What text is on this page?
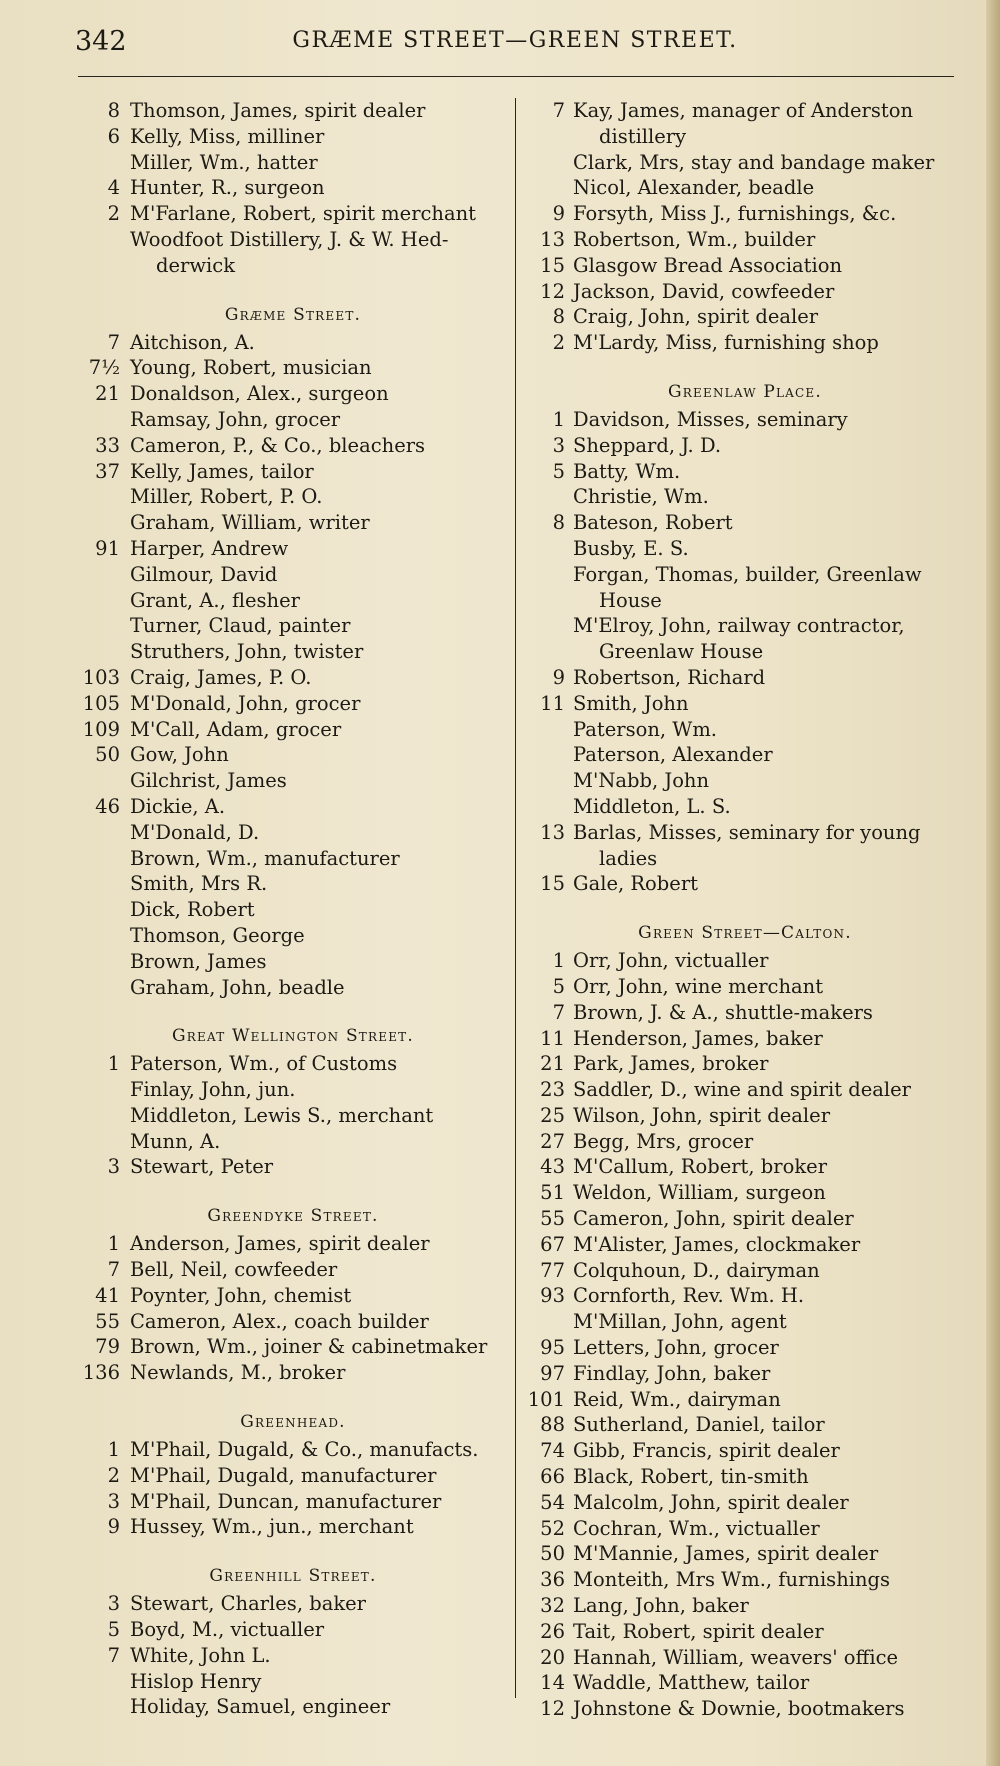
342	GRÆME STREET—GREEN STREET.
8 Thomson, James, spirit dealer
6 Kelly, Miss, milliner
Miller, Wm., hatter
4 Hunter, R., surgeon
2 M'Farlane, Robert, spirit merchant
Woodfoot Distillery, J. & W. Hed-
derwick
Græme Street.
7 Aitchison, A.
7½ Young, Robert, musician
21 Donaldson, Alex., surgeon
Ramsay, John, grocer
33 Cameron, P., & Co., bleachers
37 Kelly, James, tailor
Miller, Robert, P. O.
Graham, William, writer
91 Harper, Andrew
Gilmour, David
Grant, A., flesher
Turner, Claud, painter
Struthers, John, twister
103 Craig, James, P. O.
105 M'Donald, John, grocer
109 M'Call, Adam, grocer
50 Gow, John
Gilchrist, James
46 Dickie, A.
M'Donald, D.
Brown, Wm., manufacturer
Smith, Mrs R.
Dick, Robert
Thomson, George
Brown, James
Graham, John, beadle
Great Wellington Street.
1 Paterson, Wm., of Customs
Finlay, John, jun.
Middleton, Lewis S., merchant
Munn, A.
3 Stewart, Peter
Greendyke Street.
1 Anderson, James, spirit dealer
7 Bell, Neil, cowfeeder
41 Poynter, John, chemist
55 Cameron, Alex., coach builder
79 Brown, Wm., joiner & cabinetmaker
136 Newlands, M., broker
Greenhead.
1 M'Phail, Dugald, & Co., manufacts.
2 M'Phail, Dugald, manufacturer
3 M'Phail, Duncan, manufacturer
9 Hussey, Wm., jun., merchant
Greenhill Street.
3 Stewart, Charles, baker
5 Boyd, M., victualler
7 White, John L.
Hislop Henry
Holiday, Samuel, engineer
7 Kay, James, manager of Anderston
distillery
Clark, Mrs, stay and bandage maker
Nicol, Alexander, beadle
9 Forsyth, Miss J., furnishings, &c.
13 Robertson, Wm., builder
15 Glasgow Bread Association
12 Jackson, David, cowfeeder
8 Craig, John, spirit dealer
2 M'Lardy, Miss, furnishing shop
Greenlaw Place.
1 Davidson, Misses, seminary
3 Sheppard, J. D.
5 Batty, Wm.
Christie, Wm.
8 Bateson, Robert
Busby, E. S.
Forgan, Thomas, builder, Greenlaw
House
M'Elroy, John, railway contractor,
Greenlaw House
9 Robertson, Richard
11 Smith, John
Paterson, Wm.
Paterson, Alexander
M'Nabb, John
Middleton, L. S.
13 Barlas, Misses, seminary for young
ladies
15 Gale, Robert
Green Street—Calton.
1 Orr, John, victualler
5 Orr, John, wine merchant
7 Brown, J. & A., shuttle-makers
11 Henderson, James, baker
21 Park, James, broker
23 Saddler, D., wine and spirit dealer
25 Wilson, John, spirit dealer
27 Begg, Mrs, grocer
43 M'Callum, Robert, broker
51 Weldon, William, surgeon
55 Cameron, John, spirit dealer
67 M'Alister, James, clockmaker
77 Colquhoun, D., dairyman
93 Cornforth, Rev. Wm. H.
M'Millan, John, agent
95 Letters, John, grocer
97 Findlay, John, baker
101 Reid, Wm., dairyman
88 Sutherland, Daniel, tailor
74 Gibb, Francis, spirit dealer
66 Black, Robert, tin-smith
54 Malcolm, John, spirit dealer
52 Cochran, Wm., victualler
50 M'Mannie, James, spirit dealer
36 Monteith, Mrs Wm., furnishings
32 Lang, John, baker
26 Tait, Robert, spirit dealer
20 Hannah, William, weavers' office
14 Waddle, Matthew, tailor
12 Johnstone & Downie, bootmakers
